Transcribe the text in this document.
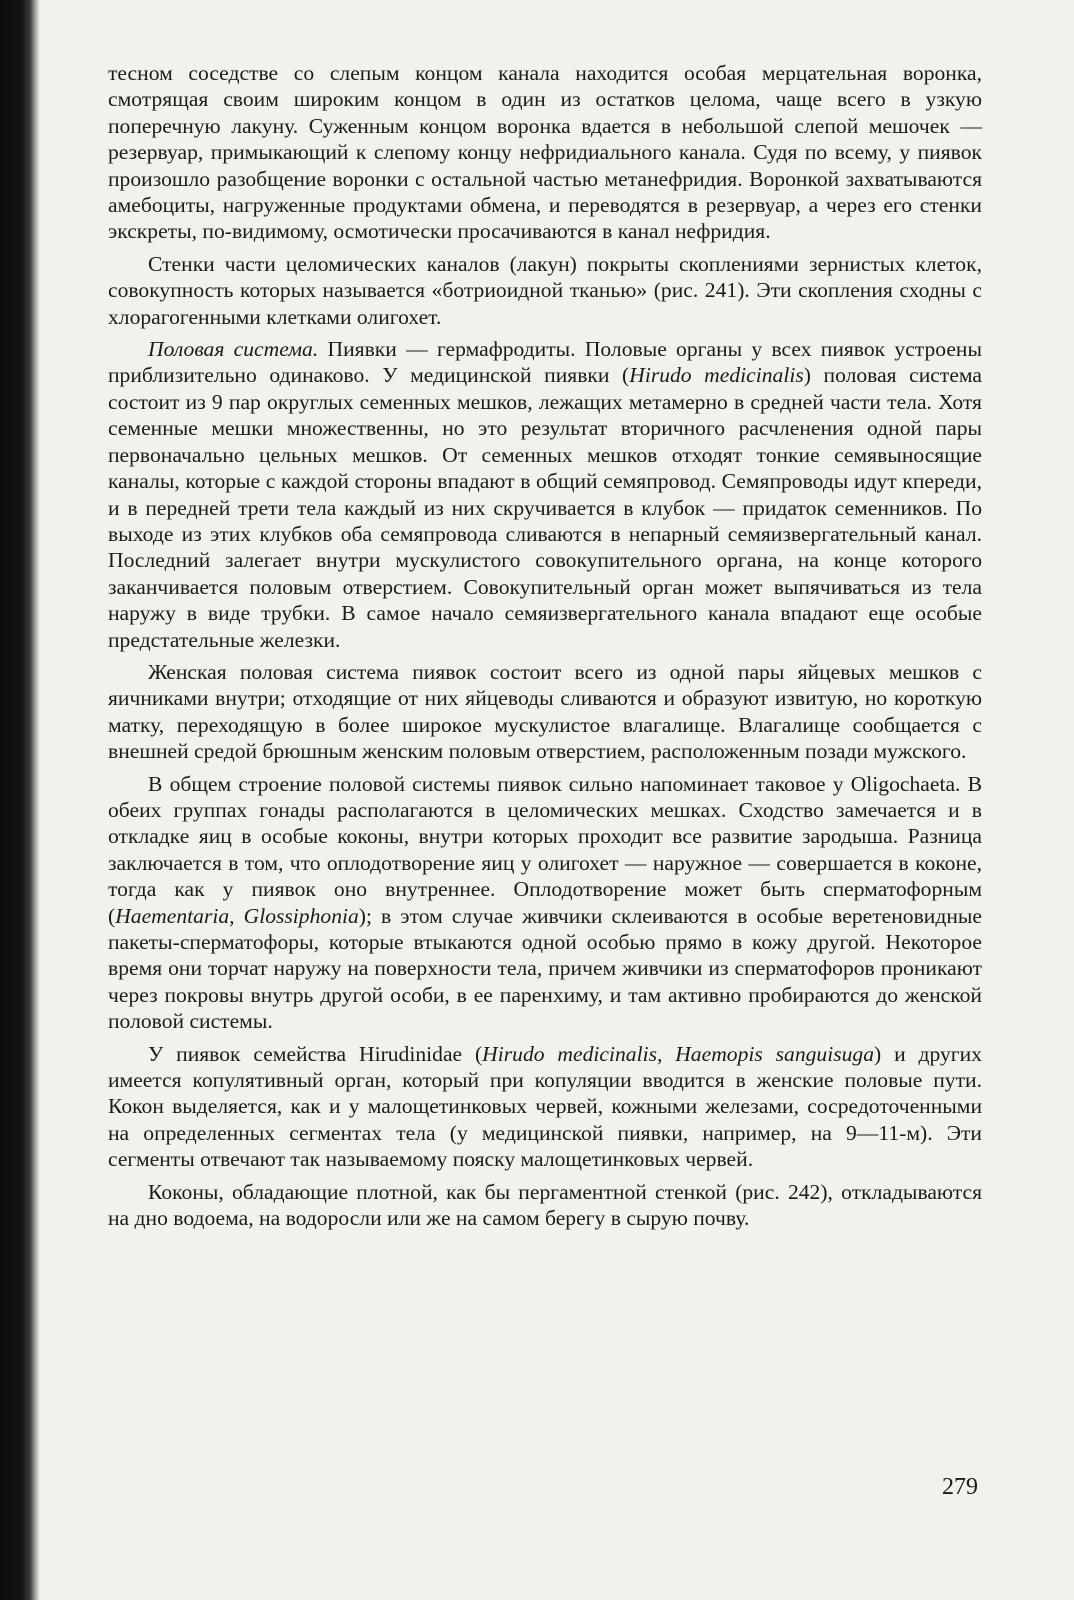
тесном соседстве со слепым концом канала находится особая мерцательная воронка, смотрящая своим широким концом в один из остатков целома, чаще всего в узкую поперечную лакуну. Суженным концом воронка вдается в небольшой слепой мешочек — резервуар, примыкающий к слепому концу нефридиального канала. Судя по всему, у пиявок произошло разобщение воронки с остальной частью метанефридия. Воронкой захватываются амебоциты, нагруженные продуктами обмена, и переводятся в резервуар, а через его стенки экскреты, по-видимому, осмотически просачиваются в канал нефридия.

Стенки части целомических каналов (лакун) покрыты скоплениями зернистых клеток, совокупность которых называется «ботриоидной тканью» (рис. 241). Эти скопления сходны с хлорагогенными клетками олигохет.

Половая система. Пиявки — гермафродиты. Половые органы у всех пиявок устроены приблизительно одинаково. У медицинской пиявки (Hirudo medicinalis) половая система состоит из 9 пар округлых семенных мешков, лежащих метамерно в средней части тела. Хотя семенные мешки множественны, но это результат вторичного расчленения одной пары первоначально цельных мешков. От семенных мешков отходят тонкие семявыносящие каналы, которые с каждой стороны впадают в общий семяпровод. Семяпроводы идут кпереди, и в передней трети тела каждый из них скручивается в клубок — придаток семенников. По выходе из этих клубков оба семяпровода сливаются в непарный семяизвергательный канал. Последний залегает внутри мускулистого совокупительного органа, на конце которого заканчивается половым отверстием. Совокупительный орган может выпячиваться из тела наружу в виде трубки. В самое начало семяизвергательного канала впадают еще особые предстательные железки.

Женская половая система пиявок состоит всего из одной пары яйцевых мешков с яичниками внутри; отходящие от них яйцеводы сливаются и образуют извитую, но короткую матку, переходящую в более широкое мускулистое влагалище. Влагалище сообщается с внешней средой брюшным женским половым отверстием, расположенным позади мужского.

В общем строение половой системы пиявок сильно напоминает таковое у Oligochaeta. В обеих группах гонады располагаются в целомических мешках. Сходство замечается и в откладке яиц в особые коконы, внутри которых проходит все развитие зародыша. Разница заключается в том, что оплодотворение яиц у олигохет — наружное — совершается в коконе, тогда как у пиявок оно внутреннее. Оплодотворение может быть сперматофорным (Haementaria, Glossiphonia); в этом случае живчики склеиваются в особые веретеновидные пакеты-сперматофоры, которые втыкаются одной особью прямо в кожу другой. Некоторое время они торчат наружу на поверхности тела, причем живчики из сперматофоров проникают через покровы внутрь другой особи, в ее паренхиму, и там активно пробираются до женской половой системы.

У пиявок семейства Hirudinidae (Hirudo medicinalis, Haemopis sanguisuga) и других имеется копулятивный орган, который при копуляции вводится в женские половые пути. Кокон выделяется, как и у малощетинковых червей, кожными железами, сосредоточенными на определенных сегментах тела (у медицинской пиявки, например, на 9—11-м). Эти сегменты отвечают так называемому пояску малощетинковых червей.

Коконы, обладающие плотной, как бы пергаментной стенкой (рис. 242), откладываются на дно водоема, на водоросли или же на самом берегу в сырую почву.

279
